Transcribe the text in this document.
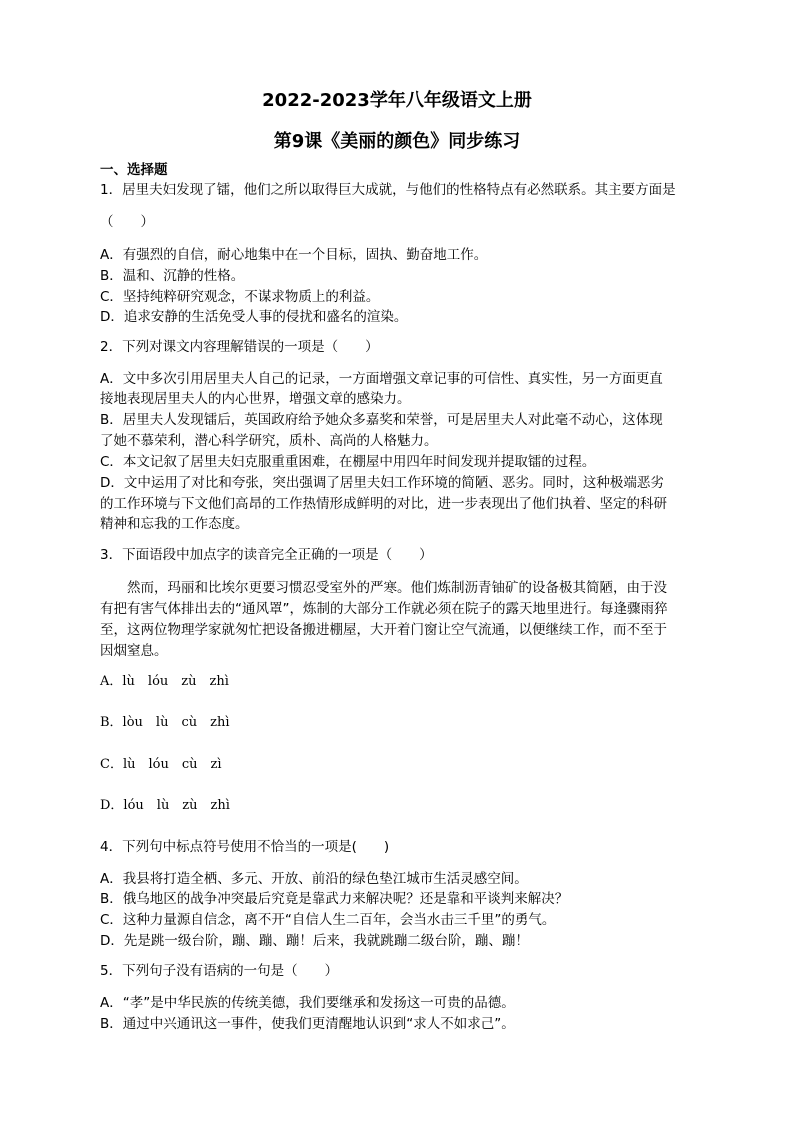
2022-2023学年八年级语文上册
第9课《美丽的颜色》同步练习
一、选择题
1．居里夫妇发现了镭，他们之所以取得巨大成就，与他们的性格特点有必然联系。其主要方面是
（　　）
A．有强烈的自信，耐心地集中在一个目标，固执、勤奋地工作。
B．温和、沉静的性格。
C．坚持纯粹研究观念，不谋求物质上的利益。
D．追求安静的生活免受人事的侵扰和盛名的渲染。
2．下列对课文内容理解错误的一项是（　　）
A．文中多次引用居里夫人自己的记录，一方面增强文章记事的可信性、真实性，另一方面更直
接地表现居里夫人的内心世界，增强文章的感染力。
B．居里夫人发现镭后，英国政府给予她众多嘉奖和荣誉，可是居里夫人对此毫不动心，这体现
了她不慕荣利，潜心科学研究，质朴、高尚的人格魅力。
C．本文记叙了居里夫妇克服重重困难，在棚屋中用四年时间发现并提取镭的过程。
D．文中运用了对比和夸张，突出强调了居里夫妇工作环境的简陋、恶劣。同时，这种极端恶劣
的工作环境与下文他们高昂的工作热情形成鲜明的对比，进一步表现出了他们执着、坚定的科研
精神和忘我的工作态度。
3．下面语段中加点字的读音完全正确的一项是（　　）
　　然而，玛丽和比埃尔更要习惯忍受室外的严寒。他们炼制沥青铀矿的设备极其简陋，由于没
有把有害气体排出去的“通风罩”，炼制的大部分工作就必须在院子的露天地里进行。每逢骤雨猝
至，这两位物理学家就匆忙把设备搬进棚屋，大开着门窗让空气流通，以便继续工作，而不至于
因烟窒息。
A．lù　lóu　zù　zhì
B．lòu　lù　cù　zhì
C．lù　lóu　cù　zì
D．lóu　lù　zù　zhì
4．下列句中标点符号使用不恰当的一项是(　　)
A．我县将打造全栖、多元、开放、前沿的绿色垫江城市生活灵感空间。
B．俄乌地区的战争冲突最后究竟是靠武力来解决呢？还是靠和平谈判来解决？
C．这种力量源自信念，离不开“自信人生二百年，会当水击三千里”的勇气。
D．先是跳一级台阶，蹦、蹦、蹦！后来，我就跳蹦二级台阶，蹦、蹦！
5．下列句子没有语病的一句是（　　）
A．“孝”是中华民族的传统美德，我们要继承和发扬这一可贵的品德。
B．通过中兴通讯这一事件，使我们更清醒地认识到“求人不如求己”。
